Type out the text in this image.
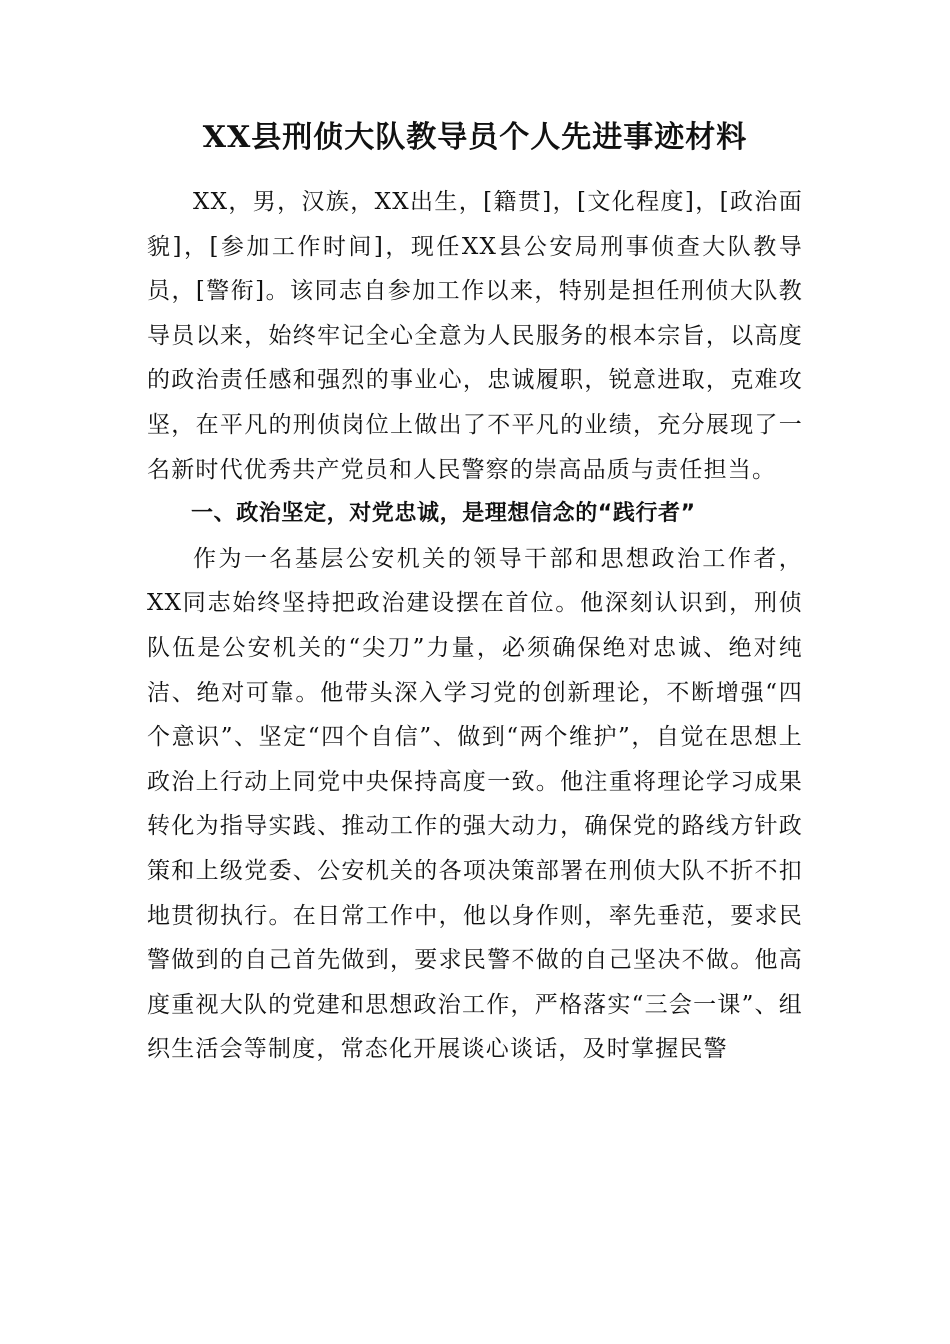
XX县刑侦大队教导员个人先进事迹材料

XX，男，汉族，XX出生，[籍贯]，[文化程度]，[政治面貌]，[参加工作时间]，现任XX县公安局刑事侦查大队教导员，[警衔]。该同志自参加工作以来，特别是担任刑侦大队教导员以来，始终牢记全心全意为人民服务的根本宗旨，以高度的政治责任感和强烈的事业心，忠诚履职，锐意进取，克难攻坚，在平凡的刑侦岗位上做出了不平凡的业绩，充分展现了一名新时代优秀共产党员和人民警察的崇高品质与责任担当。

一、政治坚定，对党忠诚，是理想信念的“践行者”

作为一名基层公安机关的领导干部和思想政治工作者，XX同志始终坚持把政治建设摆在首位。他深刻认识到，刑侦队伍是公安机关的“尖刀”力量，必须确保绝对忠诚、绝对纯洁、绝对可靠。他带头深入学习党的创新理论，不断增强“四个意识”、坚定“四个自信”、做到“两个维护”，自觉在思想上政治上行动上同党中央保持高度一致。他注重将理论学习成果转化为指导实践、推动工作的强大动力，确保党的路线方针政策和上级党委、公安机关的各项决策部署在刑侦大队不折不扣地贯彻执行。在日常工作中，他以身作则，率先垂范，要求民警做到的自己首先做到，要求民警不做的自己坚决不做。他高度重视大队的党建和思想政治工作，严格落实“三会一课”、组织生活会等制度，常态化开展谈心谈话，及时掌握民警
